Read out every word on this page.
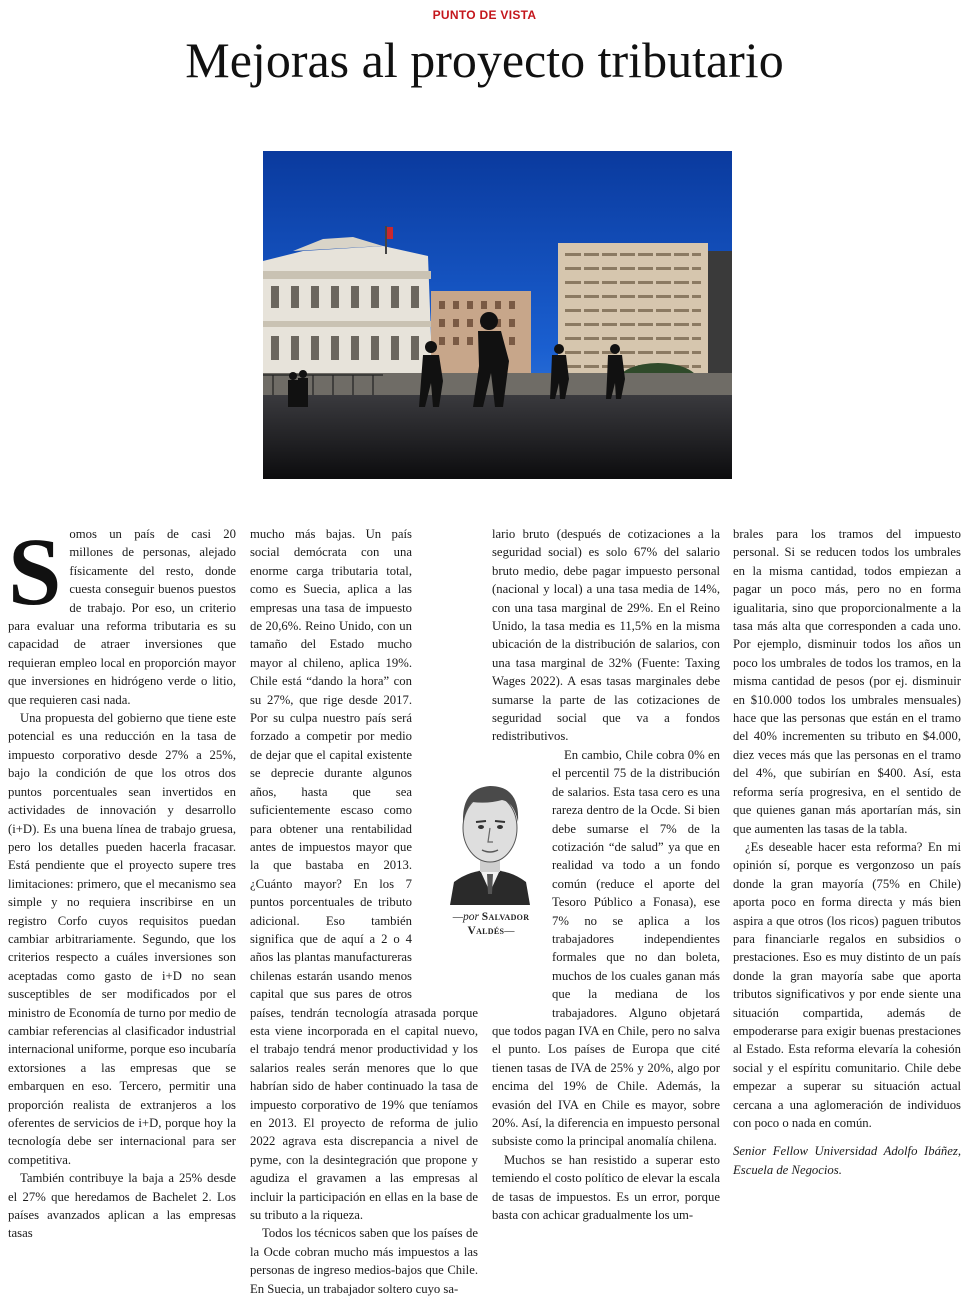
PUNTO DE VISTA
Mejoras al proyecto tributario

Somos un país de casi 20 millones de personas, alejado físicamente del resto, donde cuesta conseguir buenos puestos de trabajo. Por eso, un criterio para evaluar una reforma tributaria es su capacidad de atraer inversiones que requieran empleo local en proporción mayor que inversiones en hidrógeno verde o litio, que requieren casi nada.

Una propuesta del gobierno que tiene este potencial es una reducción en la tasa de impuesto corporativo desde 27% a 25%, bajo la condición de que los otros dos puntos porcentuales sean invertidos en actividades de innovación y desarrollo (i+D). Es una buena línea de trabajo gruesa, pero los detalles pueden hacerla fracasar. Está pendiente que el proyecto supere tres limitaciones: primero, que el mecanismo sea simple y no requiera inscribirse en un registro Corfo cuyos requisitos puedan cambiar arbitrariamente. Segundo, que los criterios respecto a cuáles inversiones son aceptadas como gasto de i+D no sean susceptibles de ser modificados por el ministro de Economía de turno por medio de cambiar referencias al clasificador industrial internacional uniforme, porque eso incubaría extorsiones a las empresas que se embarquen en eso. Tercero, permitir una proporción realista de extranjeros a los oferentes de servicios de i+D, porque hoy la tecnología debe ser internacional para ser competitiva.

También contribuye la baja a 25% desde el 27% que heredamos de Bachelet 2. Los países avanzados aplican a las empresas tasas

mucho más bajas. Un país social demócrata con una enorme carga tributaria total, como es Suecia, aplica a las empresas una tasa de impuesto de 20,6%. Reino Unido, con un tamaño del Estado mucho mayor al chileno, aplica 19%. Chile está “dando la hora” con su 27%, que rige desde 2017. Por su culpa nuestro país será forzado a competir por medio de dejar que el capital existente se deprecie durante algunos años, hasta que sea suficientemente escaso como para obtener una rentabilidad antes de impuestos mayor que la que bastaba en 2013. ¿Cuánto mayor? En los 7 puntos porcentuales de tributo adicional. Eso también significa que de aquí a 2 o 4 años las plantas manufactureras chilenas estarán usando menos capital que sus pares de otros países, tendrán tecnología atrasada porque esta viene incorporada en el capital nuevo, el trabajo tendrá menor productividad y los salarios reales serán menores que lo que habrían sido de haber continuado la tasa de impuesto corporativo de 19% que teníamos en 2013. El proyecto de reforma de julio 2022 agrava esta discrepancia a nivel de pyme, con la desintegración que propone y agudiza el gravamen a las empresas al incluir la participación en ellas en la base de su tributo a la riqueza.

Todos los técnicos saben que los países de la Ocde cobran mucho más impuestos a las personas de ingreso medios-bajos que Chile. En Suecia, un trabajador soltero cuyo sa-

lario bruto (después de cotizaciones a la seguridad social) es solo 67% del salario bruto medio, debe pagar impuesto personal (nacional y local) a una tasa media de 14%, con una tasa marginal de 29%. En el Reino Unido, la tasa media es 11,5% en la misma ubicación de la distribución de salarios, con una tasa marginal de 32% (Fuente: Taxing Wages 2022). A esas tasas marginales debe sumarse la parte de las cotizaciones de seguridad social que va a fondos redistributivos.

En cambio, Chile cobra 0% en el percentil 75 de la distribución de salarios. Esta tasa cero es una rareza dentro de la Ocde. Si bien debe sumarse el 7% de la cotización “de salud” ya que en realidad va todo a un fondo común (reduce el aporte del Tesoro Público a Fonasa), ese 7% no se aplica a los trabajadores independientes formales que no dan boleta, muchos de los cuales ganan más que la mediana de los trabajadores. Alguno objetará que todos pagan IVA en Chile, pero no salva el punto. Los países de Europa que cité tienen tasas de IVA de 25% y 20%, algo por encima del 19% de Chile. Además, la evasión del IVA en Chile es mayor, sobre 20%. Así, la diferencia en impuesto personal subsiste como la principal anomalía chilena.

Muchos se han resistido a superar esto temiendo el costo político de elevar la escala de tasas de impuestos. Es un error, porque basta con achicar gradualmente los um-

brales para los tramos del impuesto personal. Si se reducen todos los umbrales en la misma cantidad, todos empiezan a pagar un poco más, pero no en forma igualitaria, sino que proporcionalmente a la tasa más alta que corresponden a cada uno. Por ejemplo, disminuir todos los años un poco los umbrales de todos los tramos, en la misma cantidad de pesos (por ej. disminuir en $10.000 todos los umbrales mensuales) hace que las personas que están en el tramo del 40% incrementen su tributo en $4.000, diez veces más que las personas en el tramo del 4%, que subirían en $400. Así, esta reforma sería progresiva, en el sentido de que quienes ganan más aportarían más, sin que aumenten las tasas de la tabla.

¿Es deseable hacer esta reforma? En mi opinión sí, porque es vergonzoso un país donde la gran mayoría (75% en Chile) aporta poco en forma directa y más bien aspira a que otros (los ricos) paguen tributos para financiarle regalos en subsidios o prestaciones. Eso es muy distinto de un país donde la gran mayoría sabe que aporta tributos significativos y por ende siente una situación compartida, además de empoderarse para exigir buenas prestaciones al Estado. Esta reforma elevaría la cohesión social y el espíritu comunitario. Chile debe empezar a superar su situación actual cercana a una aglomeración de individuos con poco o nada en común.

Senior Fellow Universidad Adolfo Ibáñez, Escuela de Negocios.

—por Salvador Valdés—
